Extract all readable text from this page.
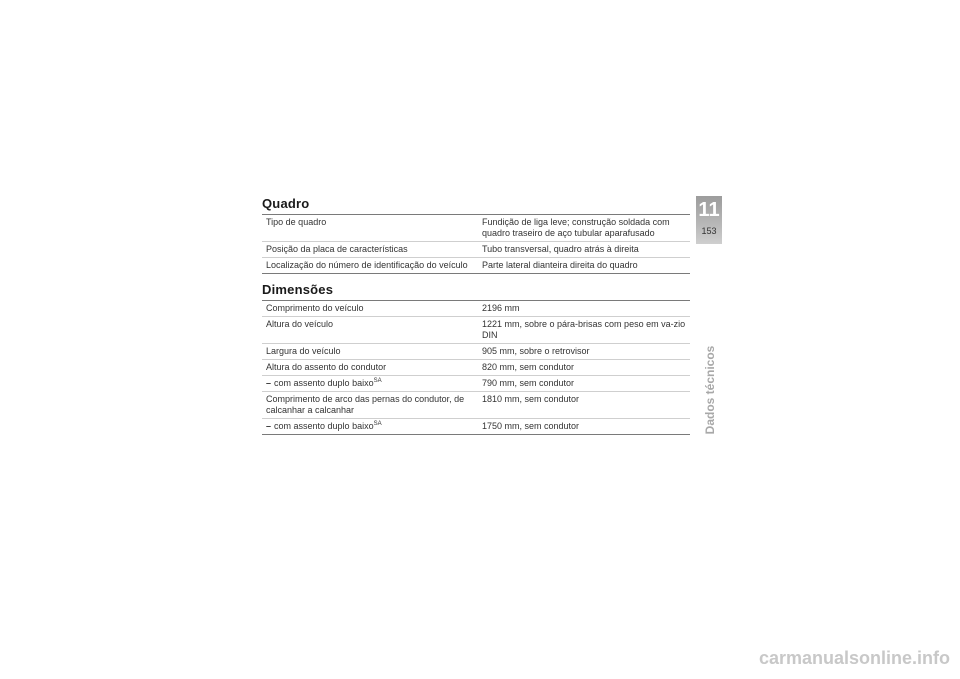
Quadro
Tipo de quadro	Fundição de liga leve; construção soldada com quadro traseiro de aço tubular aparafusado
Posição da placa de características	Tubo transversal, quadro atrás à direita
Localização do número de identificação do veículo	Parte lateral dianteira direita do quadro
Dimensões
Comprimento do veículo	2196 mm
Altura do veículo	1221 mm, sobre o pára-brisas com peso em va-zio DIN
Largura do veículo	905 mm, sobre o retrovisor
Altura do assento do condutor	820 mm, sem condutor
– com assento duplo baixo$^{SA}$	790 mm, sem condutor
Comprimento de arco das pernas do condutor, de calcanhar a calcanhar	1810 mm, sem condutor
– com assento duplo baixo$^{SA}$	1750 mm, sem condutor
11
153
Dados técnicos
carmanualsonline.info
